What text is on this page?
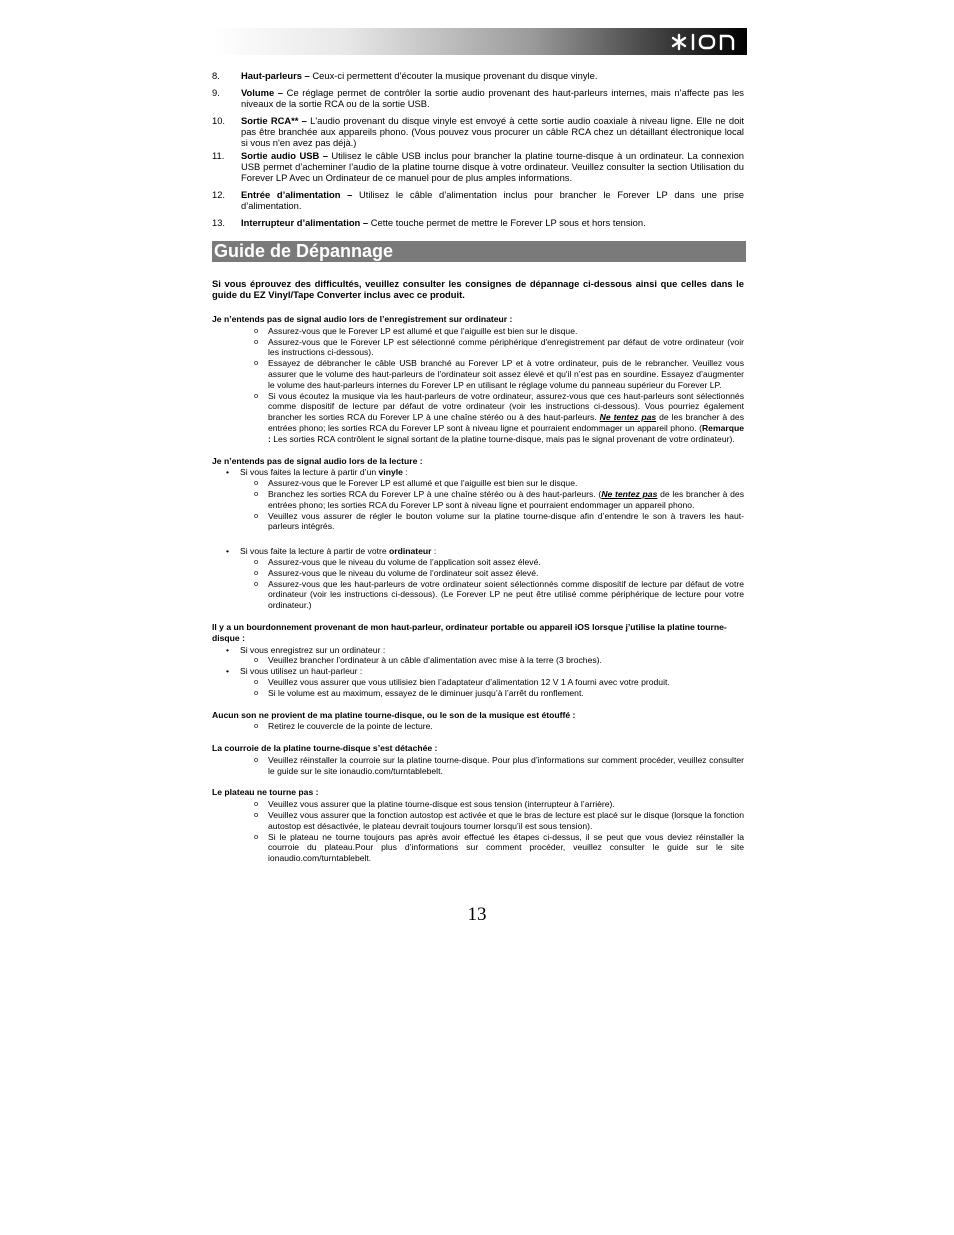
8.	Haut-parleurs – Ceux-ci permettent d’écouter la musique provenant du disque vinyle.
9.	Volume – Ce réglage permet de contrôler la sortie audio provenant des haut-parleurs internes, mais n’affecte pas les niveaux de la sortie RCA ou de la sortie USB.
10.	Sortie RCA** – L'audio provenant du disque vinyle est envoyé à cette sortie audio coaxiale à niveau ligne. Elle ne doit pas être branchée aux appareils phono. (Vous pouvez vous procurer un câble RCA chez un détaillant électronique local si vous n'en avez pas déjà.)
11.	Sortie audio USB – Utilisez le câble USB inclus pour brancher la platine tourne-disque à un ordinateur. La connexion USB permet d’acheminer l’audio de la platine tourne disque à votre ordinateur. Veuillez consulter la section Utilisation du Forever LP Avec un Ordinateur de ce manuel pour de plus amples informations.
12.	Entrée d’alimentation – Utilisez le câble d’alimentation inclus pour brancher le Forever LP dans une prise d’alimentation.
13.	Interrupteur d’alimentation – Cette touche permet de mettre le Forever LP sous et hors tension.
Guide de Dépannage
Si vous éprouvez des difficultés, veuillez consulter les consignes de dépannage ci-dessous ainsi que celles dans le guide du EZ Vinyl/Tape Converter inclus avec ce produit.
Je n’entends pas de signal audio lors de l’enregistrement sur ordinateur :
o Assurez-vous que le Forever LP est allumé et que l’aiguille est bien sur le disque.
o Assurez-vous que le Forever LP est sélectionné comme périphérique d'enregistrement par défaut de votre ordinateur (voir les instructions ci-dessous).
o Essayez de débrancher le câble USB branché au Forever LP et à votre ordinateur, puis de le rebrancher. Veuillez vous assurer que le volume des haut-parleurs de l’ordinateur soit assez élevé et qu'il n’est pas en sourdine. Essayez d’augmenter le volume des haut-parleurs internes du Forever LP en utilisant le réglage volume du panneau supérieur du Forever LP.
o Si vous écoutez la musique via les haut-parleurs de votre ordinateur, assurez-vous que ces haut-parleurs sont sélectionnés comme dispositif de lecture par défaut de votre ordinateur (voir les instructions ci-dessous). Vous pourriez également brancher les sorties RCA du Forever LP à une chaîne stéréo ou à des haut-parleurs. Ne tentez pas de les brancher à des entrées phono; les sorties RCA du Forever LP sont à niveau ligne et pourraient endommager un appareil phono. (Remarque : Les sorties RCA contrôlent le signal sortant de la platine tourne-disque, mais pas le signal provenant de votre ordinateur).
Je n’entends pas de signal audio lors de la lecture :
• Si vous faites la lecture à partir d’un vinyle :
o Assurez-vous que le Forever LP est allumé et que l’aiguille est bien sur le disque.
o Branchez les sorties RCA du Forever LP à une chaîne stéréo ou à des haut-parleurs. (Ne tentez pas de les brancher à des entrées phono; les sorties RCA du Forever LP sont à niveau ligne et pourraient endommager un appareil phono.
o Veuillez vous assurer de régler le bouton volume sur la platine tourne-disque afin d’entendre le son à travers les haut-parleurs intégrés.
• Si vous faite la lecture à partir de votre ordinateur :
o Assurez-vous que le niveau du volume de l’application soit assez élevé.
o Assurez-vous que le niveau du volume de l’ordinateur soit assez élevé.
o Assurez-vous que les haut-parleurs de votre ordinateur soient sélectionnés comme dispositif de lecture par défaut de votre ordinateur (voir les instructions ci-dessous). (Le Forever LP ne peut être utilisé comme périphérique de lecture pour votre ordinateur.)
Il y a un bourdonnement provenant de mon haut-parleur, ordinateur portable ou appareil iOS lorsque j’utilise la platine tourne-disque :
• Si vous enregistrez sur un ordinateur :
o Veuillez brancher l’ordinateur à un câble d’alimentation avec mise à la terre (3 broches).
• Si vous utilisez un haut-parleur :
o Veuillez vous assurer que vous utilisiez bien l’adaptateur d’alimentation 12 V 1 A fourni avec votre produit.
o Si le volume est au maximum, essayez de le diminuer jusqu’à l’arrêt du ronflement.
Aucun son ne provient de ma platine tourne-disque, ou le son de la musique est étouffé :
o Retirez le couvercle de la pointe de lecture.
La courroie de la platine tourne-disque s’est détachée :
o Veuillez réinstaller la courroie sur la platine tourne-disque. Pour plus d’informations sur comment procéder, veuillez consulter le guide sur le site ionaudio.com/turntablebelt.
Le plateau ne tourne pas :
o Veuillez vous assurer que la platine tourne-disque est sous tension (interrupteur à l’arrière).
o Veuillez vous assurer que la fonction autostop est activée et que le bras de lecture est placé sur le disque (lorsque la fonction autostop est désactivée, le plateau devrait toujours tourner lorsqu’il est sous tension).
o Si le plateau ne tourne toujours pas après avoir effectué les étapes ci-dessus, il se peut que vous deviez réinstaller la courroie du plateau.Pour plus d’informations sur comment procéder, veuillez consulter le guide sur le site ionaudio.com/turntablebelt.
13
